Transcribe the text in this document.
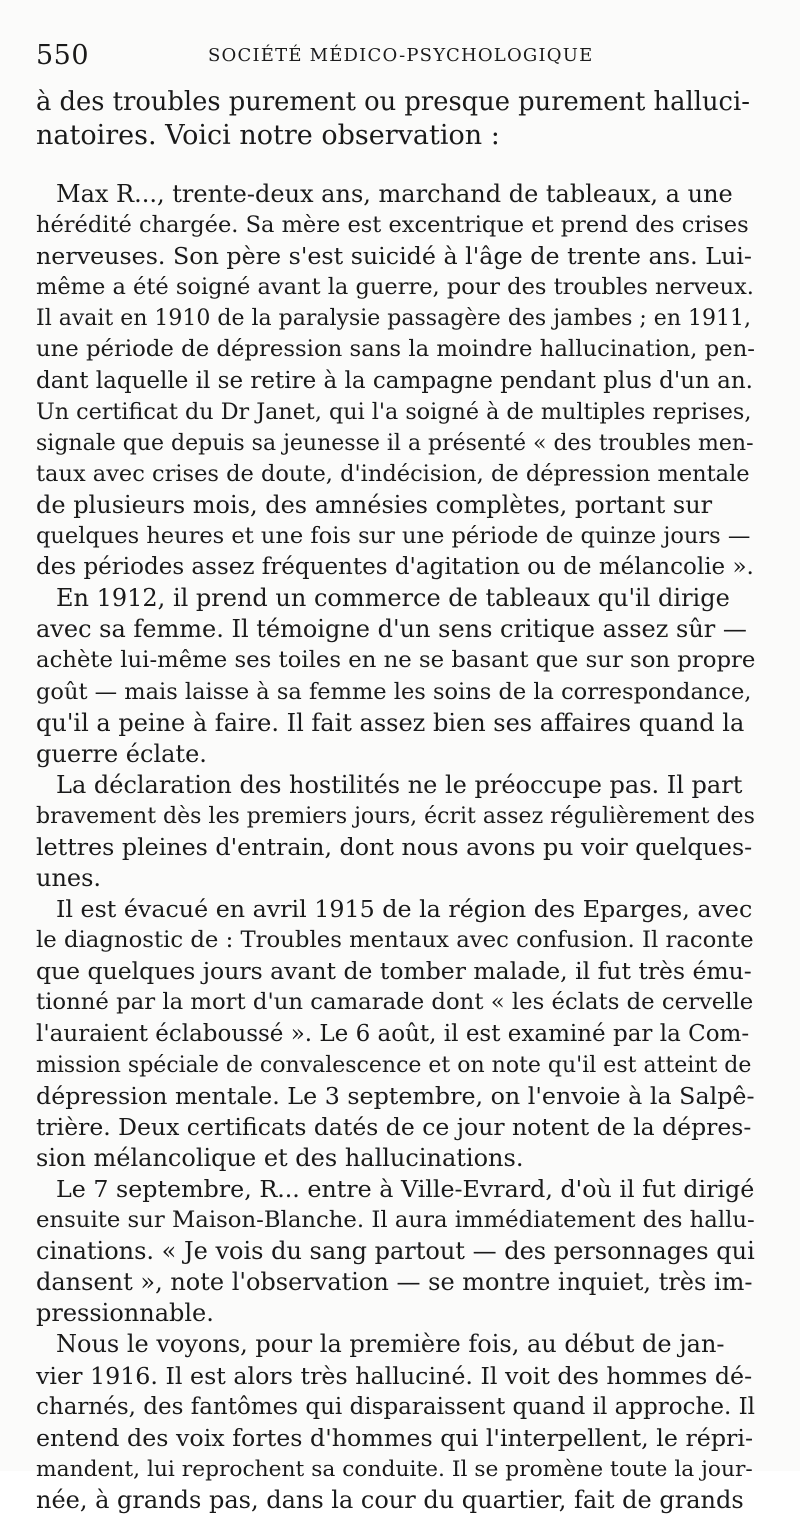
550	SOCIÉTÉ MÉDICO-PSYCHOLOGIQUE
à des troubles purement ou presque purement halluci-
natoires. Voici notre observation :
Max R..., trente-deux ans, marchand de tableaux, a une
hérédité chargée. Sa mère est excentrique et prend des crises
nerveuses. Son père s'est suicidé à l'âge de trente ans. Lui-
même a été soigné avant la guerre, pour des troubles nerveux.
Il avait en 1910 de la paralysie passagère des jambes ; en 1911,
une période de dépression sans la moindre hallucination, pen-
dant laquelle il se retire à la campagne pendant plus d'un an.
Un certificat du Dr Janet, qui l'a soigné à de multiples reprises,
signale que depuis sa jeunesse il a présenté « des troubles men-
taux avec crises de doute, d'indécision, de dépression mentale
de plusieurs mois, des amnésies complètes, portant sur
quelques heures et une fois sur une période de quinze jours —
des périodes assez fréquentes d'agitation ou de mélancolie ».
En 1912, il prend un commerce de tableaux qu'il dirige
avec sa femme. Il témoigne d'un sens critique assez sûr —
achète lui-même ses toiles en ne se basant que sur son propre
goût — mais laisse à sa femme les soins de la correspondance,
qu'il a peine à faire. Il fait assez bien ses affaires quand la
guerre éclate.
La déclaration des hostilités ne le préoccupe pas. Il part
bravement dès les premiers jours, écrit assez régulièrement des
lettres pleines d'entrain, dont nous avons pu voir quelques-
unes.
Il est évacué en avril 1915 de la région des Eparges, avec
le diagnostic de : Troubles mentaux avec confusion. Il raconte
que quelques jours avant de tomber malade, il fut très ému-
tionné par la mort d'un camarade dont « les éclats de cervelle
l'auraient éclaboussé ». Le 6 août, il est examiné par la Com-
mission spéciale de convalescence et on note qu'il est atteint de
dépression mentale. Le 3 septembre, on l'envoie à la Salpê-
trière. Deux certificats datés de ce jour notent de la dépres-
sion mélancolique et des hallucinations.
Le 7 septembre, R... entre à Ville-Evrard, d'où il fut dirigé
ensuite sur Maison-Blanche. Il aura immédiatement des hallu-
cinations. « Je vois du sang partout — des personnages qui
dansent », note l'observation — se montre inquiet, très im-
pressionnable.
Nous le voyons, pour la première fois, au début de jan-
vier 1916. Il est alors très halluciné. Il voit des hommes dé-
charnés, des fantômes qui disparaissent quand il approche. Il
entend des voix fortes d'hommes qui l'interpellent, le répri-
mandent, lui reprochent sa conduite. Il se promène toute la jour-
née, à grands pas, dans la cour du quartier, fait de grands
